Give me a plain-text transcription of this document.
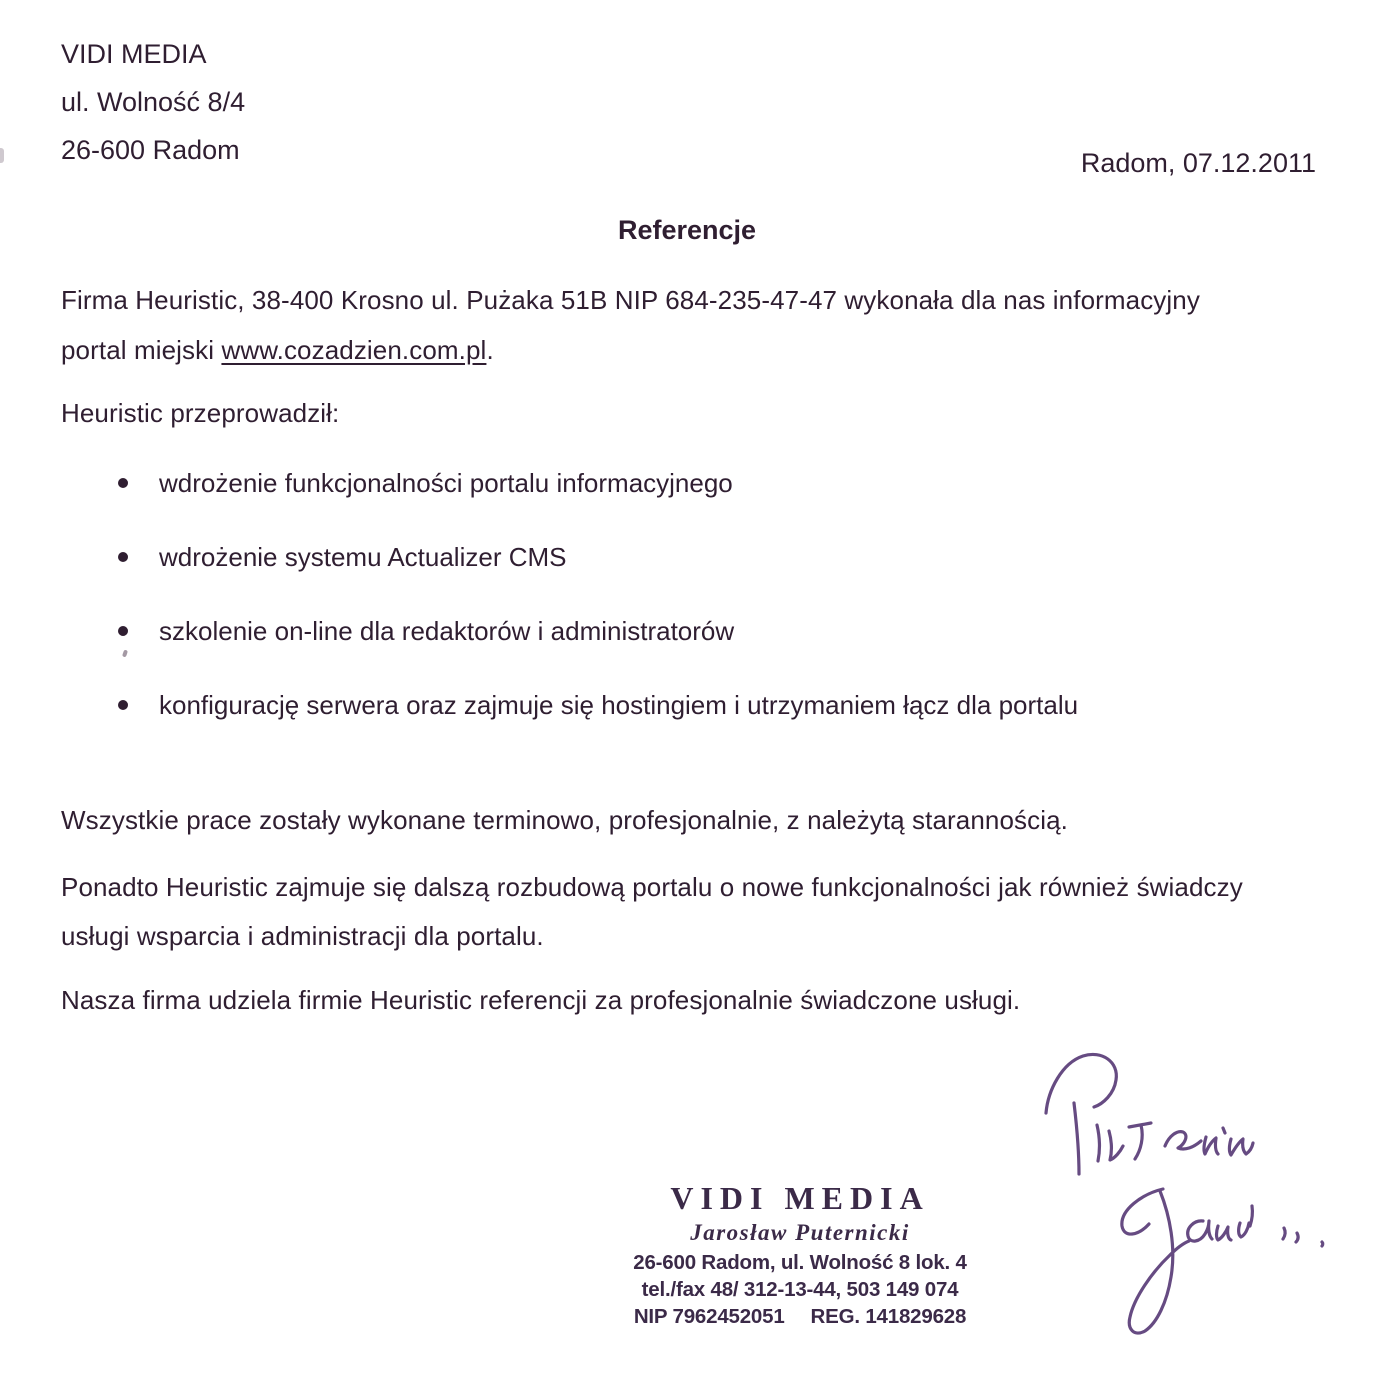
VIDI MEDIA
ul. Wolność 8/4
26-600 Radom	Radom, 07.12.2011
Referencje
Firma Heuristic, 38-400 Krosno ul. Pużaka 51B NIP 684-235-47-47 wykonała dla nas informacyjny
portal miejski www.cozadzien.com.pl.
Heuristic przeprowadził:
wdrożenie funkcjonalności portalu informacyjnego
wdrożenie systemu Actualizer CMS
szkolenie on-line dla redaktorów i administratorów
konfigurację serwera oraz zajmuje się hostingiem i utrzymaniem łącz dla portalu
Wszystkie prace zostały wykonane terminowo, profesjonalnie, z należytą starannością.
Ponadto Heuristic zajmuje się dalszą rozbudową portalu o nowe funkcjonalności jak również świadczy
usługi wsparcia i administracji dla portalu.
Nasza firma udziela firmie Heuristic referencji za profesjonalnie świadczone usługi.
VIDI MEDIA
Jarosław Puternicki
26-600 Radom, ul. Wolność 8 lok. 4
tel./fax 48/ 312-13-44, 503 149 074
NIP 7962452051 REG. 141829628
